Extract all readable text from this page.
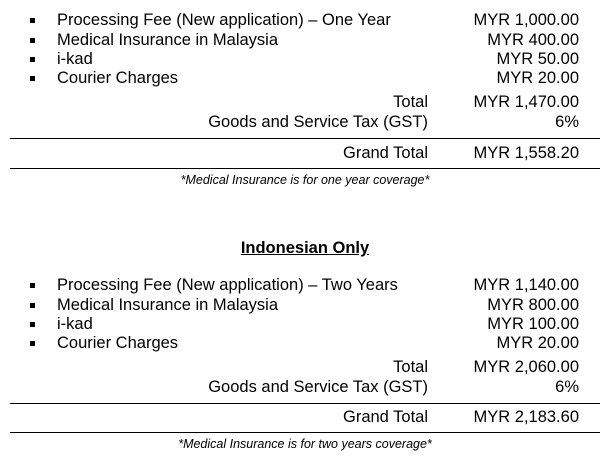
Processing Fee (New application) – One Year	MYR 1,000.00
Medical Insurance in Malaysia	MYR 400.00
i-kad	MYR 50.00
Courier Charges	MYR 20.00
Total	MYR 1,470.00
Goods and Service Tax (GST)	6%
Grand Total	MYR 1,558.20
*Medical Insurance is for one year coverage*
Indonesian Only
Processing Fee (New application) – Two Years	MYR 1,140.00
Medical Insurance in Malaysia	MYR 800.00
i-kad	MYR 100.00
Courier Charges	MYR 20.00
Total	MYR 2,060.00
Goods and Service Tax (GST)	6%
Grand Total	MYR 2,183.60
*Medical Insurance is for two years coverage*
